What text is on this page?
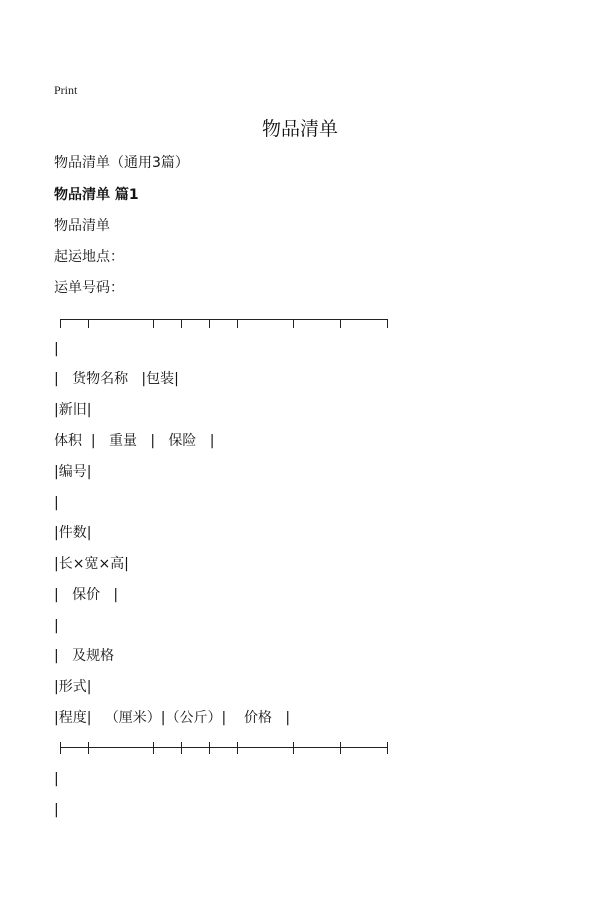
Print
物品清单
物品清单（通用3篇）
物品清单 篇1
物品清单
起运地点：
运单号码：
|
|   货物名称   |包装|
|新旧|
体积  |   重量   |   保险   |
|编号|
|
|件数|
|长×宽×高|
|   保价   |
|
|   及规格
|形式|
|程度|   （厘米）|（公斤）|    价格   |
|
|
